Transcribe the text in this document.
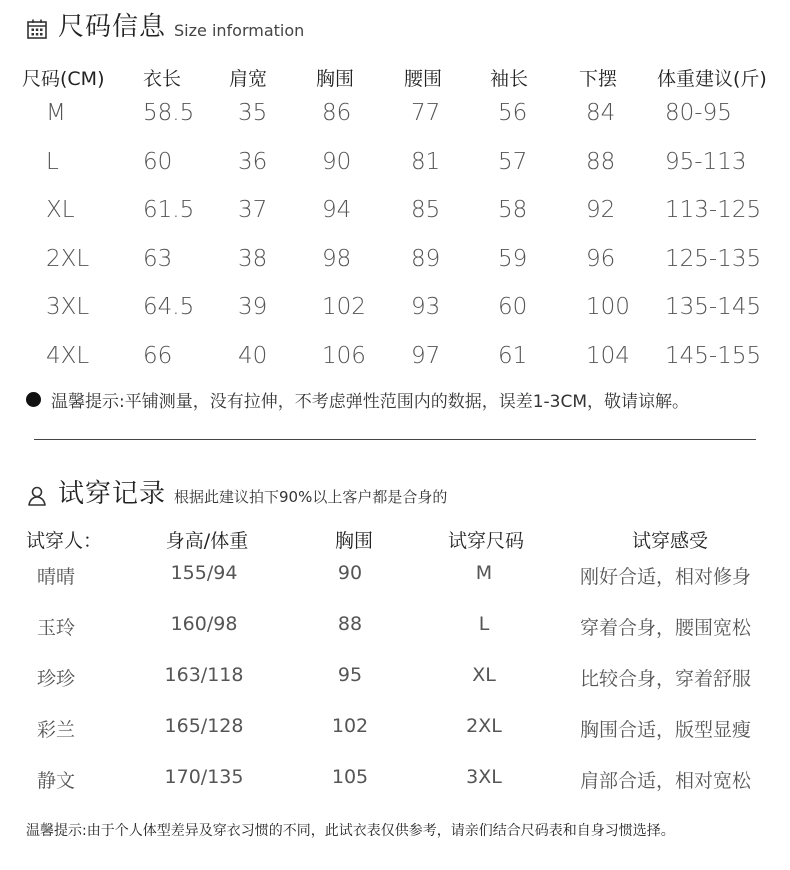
尺码信息 Size information
尺码(CM) 衣长	肩宽	胸围	腰围	袖长	下摆 体重建议(斤)
M	58.5 35 86	77	56	84 80-95
L	60	36 90	81	57	88 95-113
XL	61.5 37 94	85	58	92 113-125
2XL 63	38 98	89	59	96 125-135
3XL 64.5 39 102 93	60	100 135-145
4XL 66	40 106 97	61	104 145-155
温馨提示:平铺测量，没有拉伸，不考虑弹性范围内的数据，误差1-3CM，敬请谅解。
试穿记录 根据此建议拍下90%以上客户都是合身的
试穿人：	身高/体重	胸围	试穿尺码	试穿感受
晴晴	155/94	90	M	刚好合适，相对修身
玉玲	160/98	88	L	穿着合身，腰围宽松
珍珍	163/118	95	XL	比较合身，穿着舒服
彩兰	165/128	102	2XL	胸围合适，版型显瘦
静文	170/135	105	3XL	肩部合适，相对宽松
温馨提示:由于个人体型差异及穿衣习惯的不同，此试衣表仅供参考，请亲们结合尺码表和自身习惯选择。
